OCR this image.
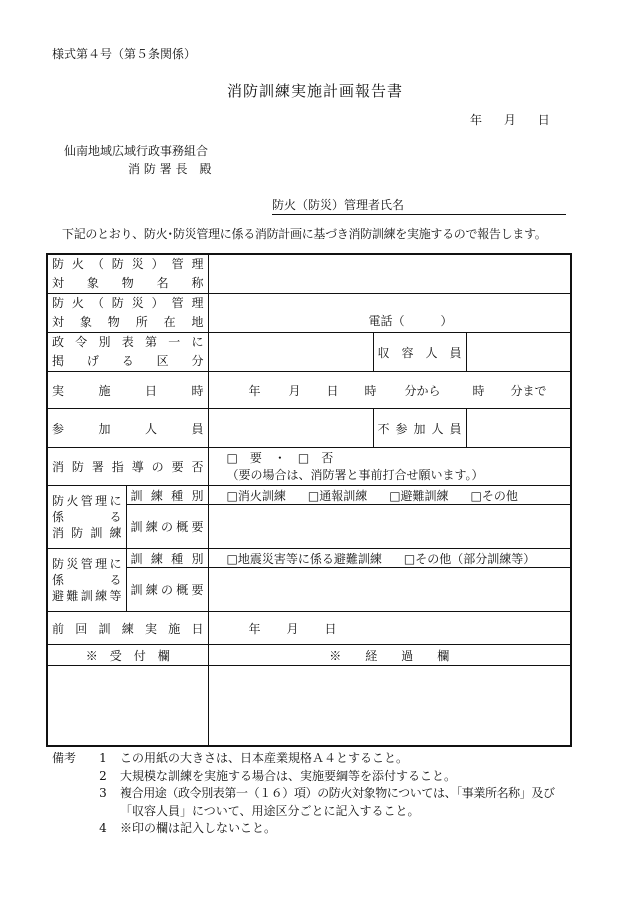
様式第４号（第５条関係）
消防訓練実施計画報告書
年 月 日
仙南地域広域行政事務組合
消 防 署 長　殿
防火（防災）管理者氏名
下記のとおり、防火･防災管理に係る消防計画に基づき消防訓練を実施するので報告します。
防火（防災）管理
対　象　物　名　称				

防火（防災）管理
対 象 物 所 在 地		電話（　　　）		

政令別表第一に
掲　げ　る　区　分			収　容　人　員	
実　施　日　時		年 月 日 時 分から 時 分まで		
参　加　人　員			不 参 加 人 員	
消防署指導の要否		□　要　・　□　否
（要の場合は、消防署と事前打合せ願います。）		

防火管理に
係　　　る
消防訓練	訓 練 種 別	□消火訓練 □通報訓練 □避難訓練 □その他		
	訓練の概要			

防災管理に
係　　　る
避難訓練等	訓 練 種 別	□地震災害等に係る避難訓練 □その他（部分訓練等）		
	訓練の概要			
前回訓練実施日		年 月 日		
※　受　付　欄		※　　経　　過　　欄		

備考	1	この用紙の大きさは、日本産業規格Ａ４とすること。
2	大規模な訓練を実施する場合は、実施要綱等を添付すること。
3	複合用途（政令別表第一（１６）項）の防火対象物については、「事業所名称」及び
「収容人員」について、用途区分ごとに記入すること。
4	※印の欄は記入しないこと。
